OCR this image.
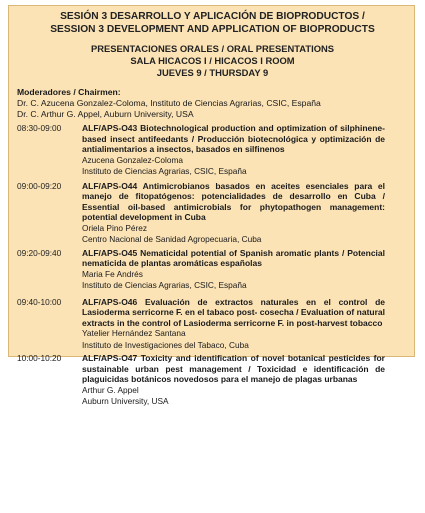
SESIÓN 3 DESARROLLO Y APLICACIÓN DE BIOPRODUCTOS /
SESSION 3 DEVELOPMENT AND APPLICATION OF BIOPRODUCTS
PRESENTACIONES ORALES / ORAL PRESENTATIONS
SALA HICACOS I / HICACOS I ROOM
JUEVES 9 / THURSDAY 9
Moderadores / Chairmen:
Dr. C. Azucena Gonzalez-Coloma, Instituto de Ciencias Agrarias, CSIC, España
Dr. C. Arthur G. Appel, Auburn University, USA
08:30-09:00 ALF/APS-O43 Biotechnological production and optimization of silphinene-based insect antifeedants / Producción biotecnológica y optimización de antialimentarios a insectos, basados en silfinenos
Azucena Gonzalez-Coloma
Instituto de Ciencias Agrarias, CSIC, España
09:00-09:20 ALF/APS-O44 Antimicrobianos basados en aceites esenciales para el manejo de fitopatógenos: potencialidades de desarrollo en Cuba / Essential oil-based antimicrobials for phytopathogen management: potential development in Cuba
Oriela Pino Pérez
Centro Nacional de Sanidad Agropecuaria, Cuba
09:20-09:40 ALF/APS-O45 Nematicidal potential of Spanish aromatic plants / Potencial nematicida de plantas aromáticas españolas
Maria Fe Andrés
Instituto de Ciencias Agrarias, CSIC, España
09:40-10:00 ALF/APS-O46 Evaluación de extractos naturales en el control de Lasioderma serricorne F. en el tabaco post- cosecha / Evaluation of natural extracts in the control of Lasioderma serricorne F. in post-harvest tobacco
Yatelier Hernández Santana
Instituto de Investigaciones del Tabaco, Cuba
10:00-10:20 ALF/APS-O47 Toxicity and identification of novel botanical pesticides for sustainable urban pest management / Toxicidad e identificación de plaguicidas botánicos novedosos para el manejo de plagas urbanas
Arthur G. Appel
Auburn University, USA
